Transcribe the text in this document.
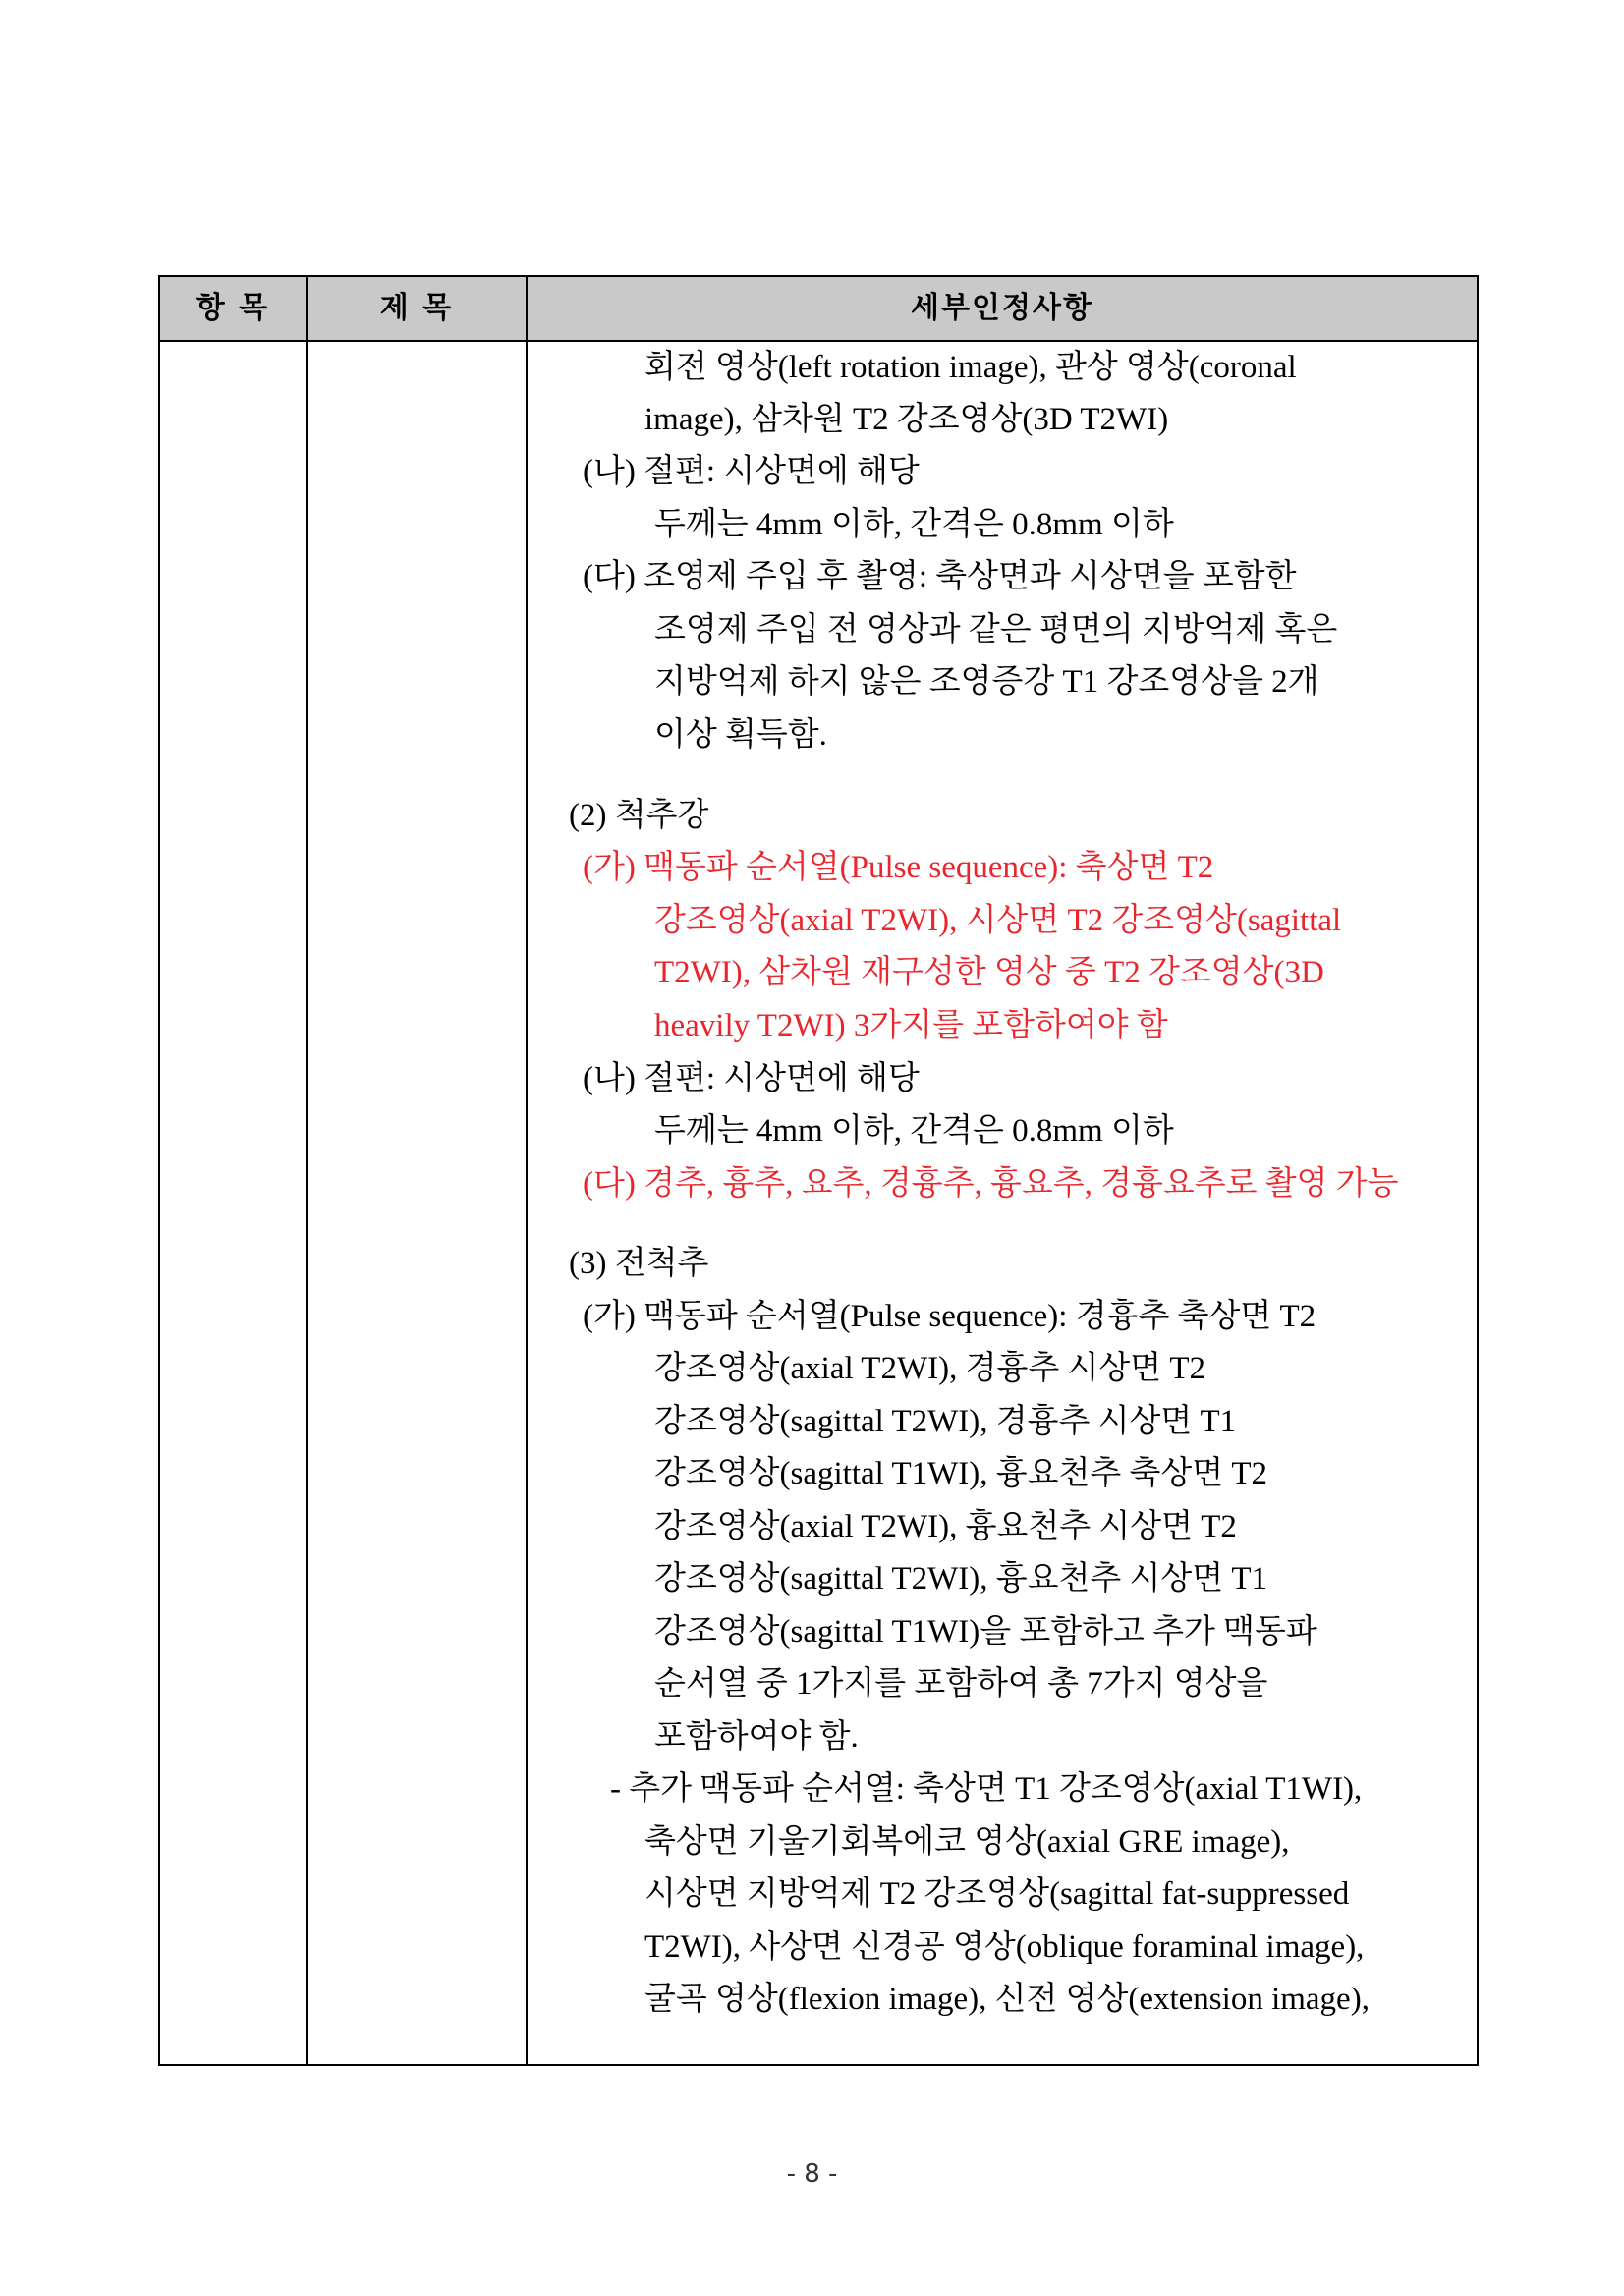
항 목	제 목	세부인정사항
회전 영상(left rotation image), 관상 영상(coronal
image), 삼차원 T2 강조영상(3D T2WI)
(나) 절편: 시상면에 해당
두께는 4mm 이하, 간격은 0.8mm 이하
(다) 조영제 주입 후 촬영: 축상면과 시상면을 포함한
조영제 주입 전 영상과 같은 평면의 지방억제 혹은
지방억제 하지 않은 조영증강 T1 강조영상을 2개
이상 획득함.
(2) 척추강
(가) 맥동파 순서열(Pulse sequence): 축상면 T2
강조영상(axial T2WI), 시상면 T2 강조영상(sagittal
T2WI), 삼차원 재구성한 영상 중 T2 강조영상(3D
heavily T2WI) 3가지를 포함하여야 함
(나) 절편: 시상면에 해당
두께는 4mm 이하, 간격은 0.8mm 이하
(다) 경추, 흉추, 요추, 경흉추, 흉요추, 경흉요추로 촬영 가능
(3) 전척추
(가) 맥동파 순서열(Pulse sequence): 경흉추 축상면 T2
강조영상(axial T2WI), 경흉추 시상면 T2
강조영상(sagittal T2WI), 경흉추 시상면 T1
강조영상(sagittal T1WI), 흉요천추 축상면 T2
강조영상(axial T2WI), 흉요천추 시상면 T2
강조영상(sagittal T2WI), 흉요천추 시상면 T1
강조영상(sagittal T1WI)을 포함하고 추가 맥동파
순서열 중 1가지를 포함하여 총 7가지 영상을
포함하여야 함.
- 추가 맥동파 순서열: 축상면 T1 강조영상(axial T1WI),
축상면 기울기회복에코 영상(axial GRE image),
시상면 지방억제 T2 강조영상(sagittal fat-suppressed
T2WI), 사상면 신경공 영상(oblique foraminal image),
굴곡 영상(flexion image), 신전 영상(extension image),
- 8 -
